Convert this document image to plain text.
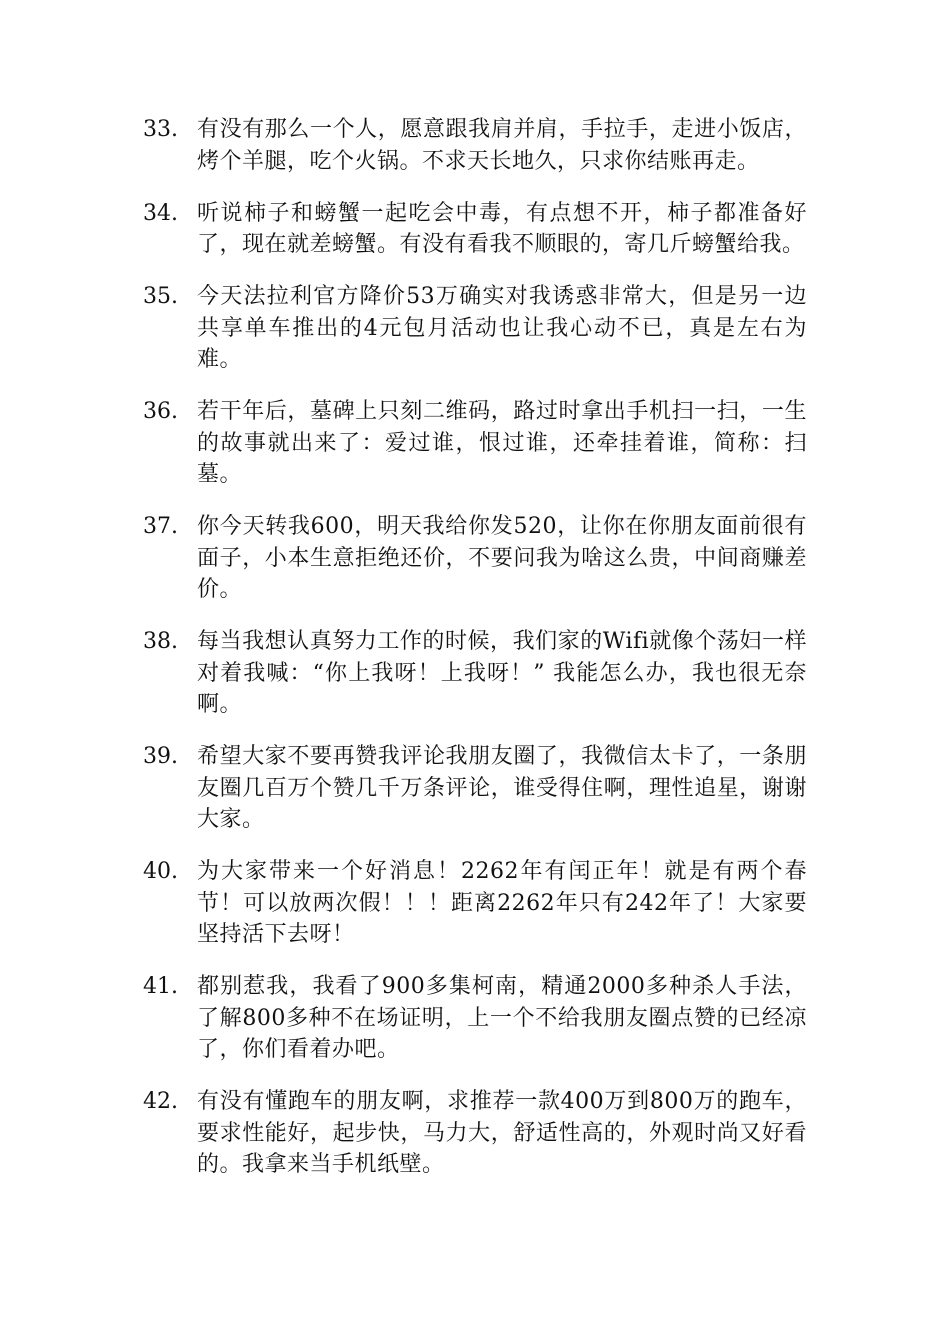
33. 有没有那么一个人，愿意跟我肩并肩，手拉手，走进小饭店，烤个羊腿，吃个火锅。不求天长地久，只求你结账再走。
34. 听说柿子和螃蟹一起吃会中毒，有点想不开，柿子都准备好了，现在就差螃蟹。有没有看我不顺眼的，寄几斤螃蟹给我。
35. 今天法拉利官方降价53万确实对我诱惑非常大，但是另一边共享单车推出的4元包月活动也让我心动不已，真是左右为难。
36. 若干年后，墓碑上只刻二维码，路过时拿出手机扫一扫，一生的故事就出来了：爱过谁，恨过谁，还牵挂着谁，简称：扫墓。
37. 你今天转我600，明天我给你发520，让你在你朋友面前很有面子，小本生意拒绝还价，不要问我为啥这么贵，中间商赚差价。
38. 每当我想认真努力工作的时候，我们家的Wifi就像个荡妇一样对着我喊：“你上我呀！上我呀！” 我能怎么办，我也很无奈啊。
39. 希望大家不要再赞我评论我朋友圈了，我微信太卡了，一条朋友圈几百万个赞几千万条评论，谁受得住啊，理性追星，谢谢大家。
40. 为大家带来一个好消息！2262年有闰正年！就是有两个春节！可以放两次假！！！距离2262年只有242年了！大家要坚持活下去呀！
41. 都别惹我，我看了900多集柯南，精通2000多种杀人手法，了解800多种不在场证明，上一个不给我朋友圈点赞的已经凉了，你们看着办吧。
42. 有没有懂跑车的朋友啊，求推荐一款400万到800万的跑车，要求性能好，起步快，马力大，舒适性高的，外观时尚又好看的。我拿来当手机纸壁。
